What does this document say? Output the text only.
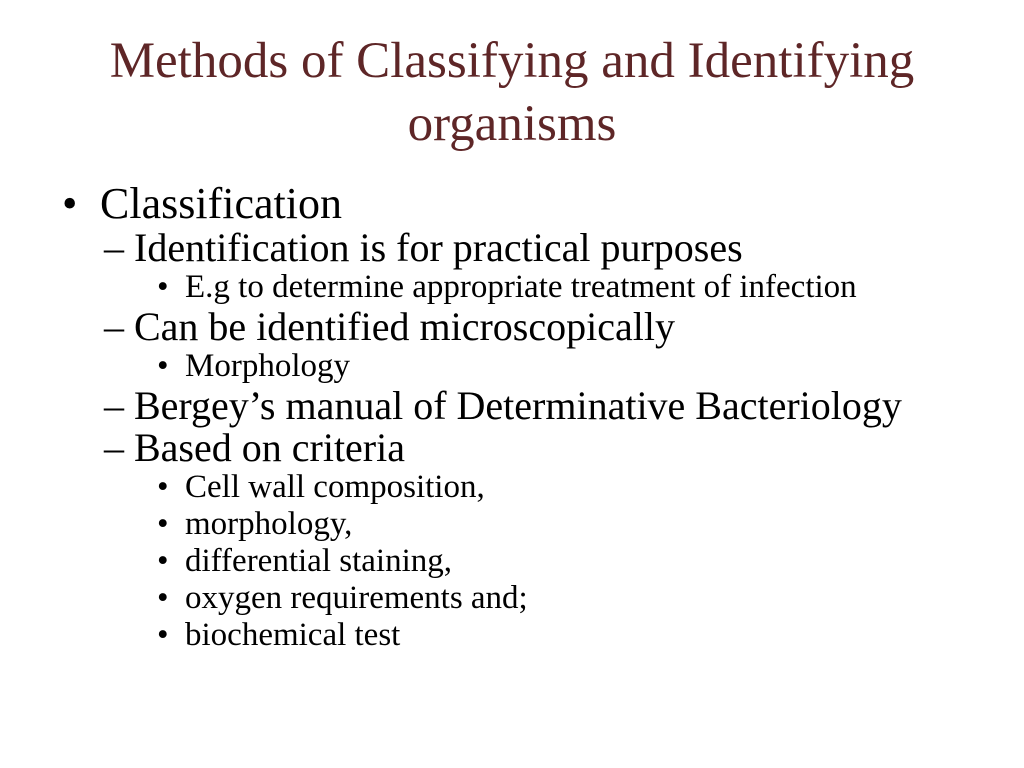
Methods of Classifying and Identifying
organisms
• Classification
– Identification is for practical purposes
• E.g to determine appropriate treatment of infection
– Can be identified microscopically
• Morphology
– Bergey’s manual of Determinative Bacteriology
– Based on criteria
• Cell wall composition,
• morphology,
• differential staining,
• oxygen requirements and;
• biochemical test
